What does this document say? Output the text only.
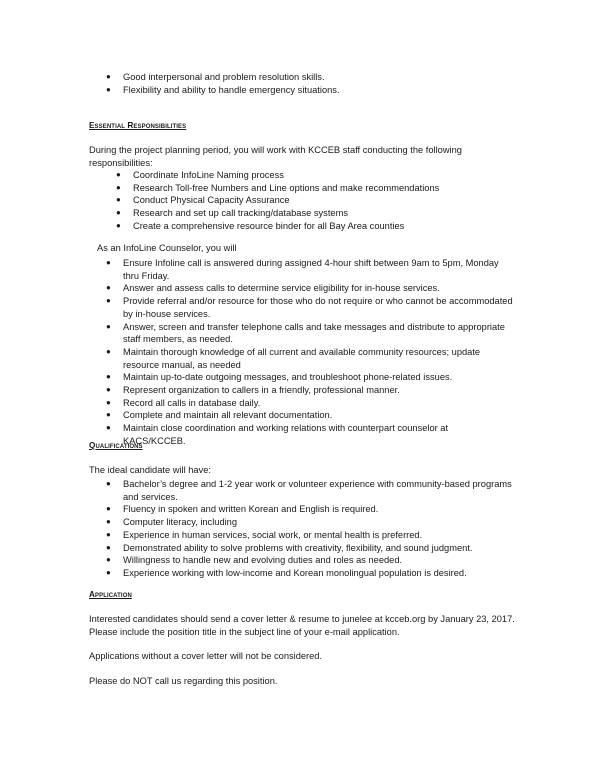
● Good interpersonal and problem resolution skills.
● Flexibility and ability to handle emergency situations.
Essential Responsibilities
During the project planning period, you will work with KCCEB staff conducting the following responsibilities:
● Coordinate InfoLine Naming process
● Research Toll-free Numbers and Line options and make recommendations
● Conduct Physical Capacity Assurance
● Research and set up call tracking/database systems
● Create a comprehensive resource binder for all Bay Area counties
As an InfoLine Counselor, you will
● Ensure Infoline call is answered during assigned 4-hour shift between 9am to 5pm, Monday thru Friday.
● Answer and assess calls to determine service eligibility for in-house services.
● Provide referral and/or resource for those who do not require or who cannot be accommodated by in-house services.
● Answer, screen and transfer telephone calls and take messages and distribute to appropriate staff members, as needed.
● Maintain thorough knowledge of all current and available community resources; update resource manual, as needed
● Maintain up-to-date outgoing messages, and troubleshoot phone-related issues.
● Represent organization to callers in a friendly, professional manner.
● Record all calls in database daily.
● Complete and maintain all relevant documentation.
● Maintain close coordination and working relations with counterpart counselor at KACS/KCCEB.
Qualifications
The ideal candidate will have:
● Bachelor’s degree and 1-2 year work or volunteer experience with community-based programs and services.
● Fluency in spoken and written Korean and English is required.
● Computer literacy, including
● Experience in human services, social work, or mental health is preferred.
● Demonstrated ability to solve problems with creativity, flexibility, and sound judgment.
● Willingness to handle new and evolving duties and roles as needed.
● Experience working with low-income and Korean monolingual population is desired.
Application
Interested candidates should send a cover letter & resume to junelee at kcceb.org by January 23, 2017.
Please include the position title in the subject line of your e-mail application.
Applications without a cover letter will not be considered.
Please do NOT call us regarding this position.
